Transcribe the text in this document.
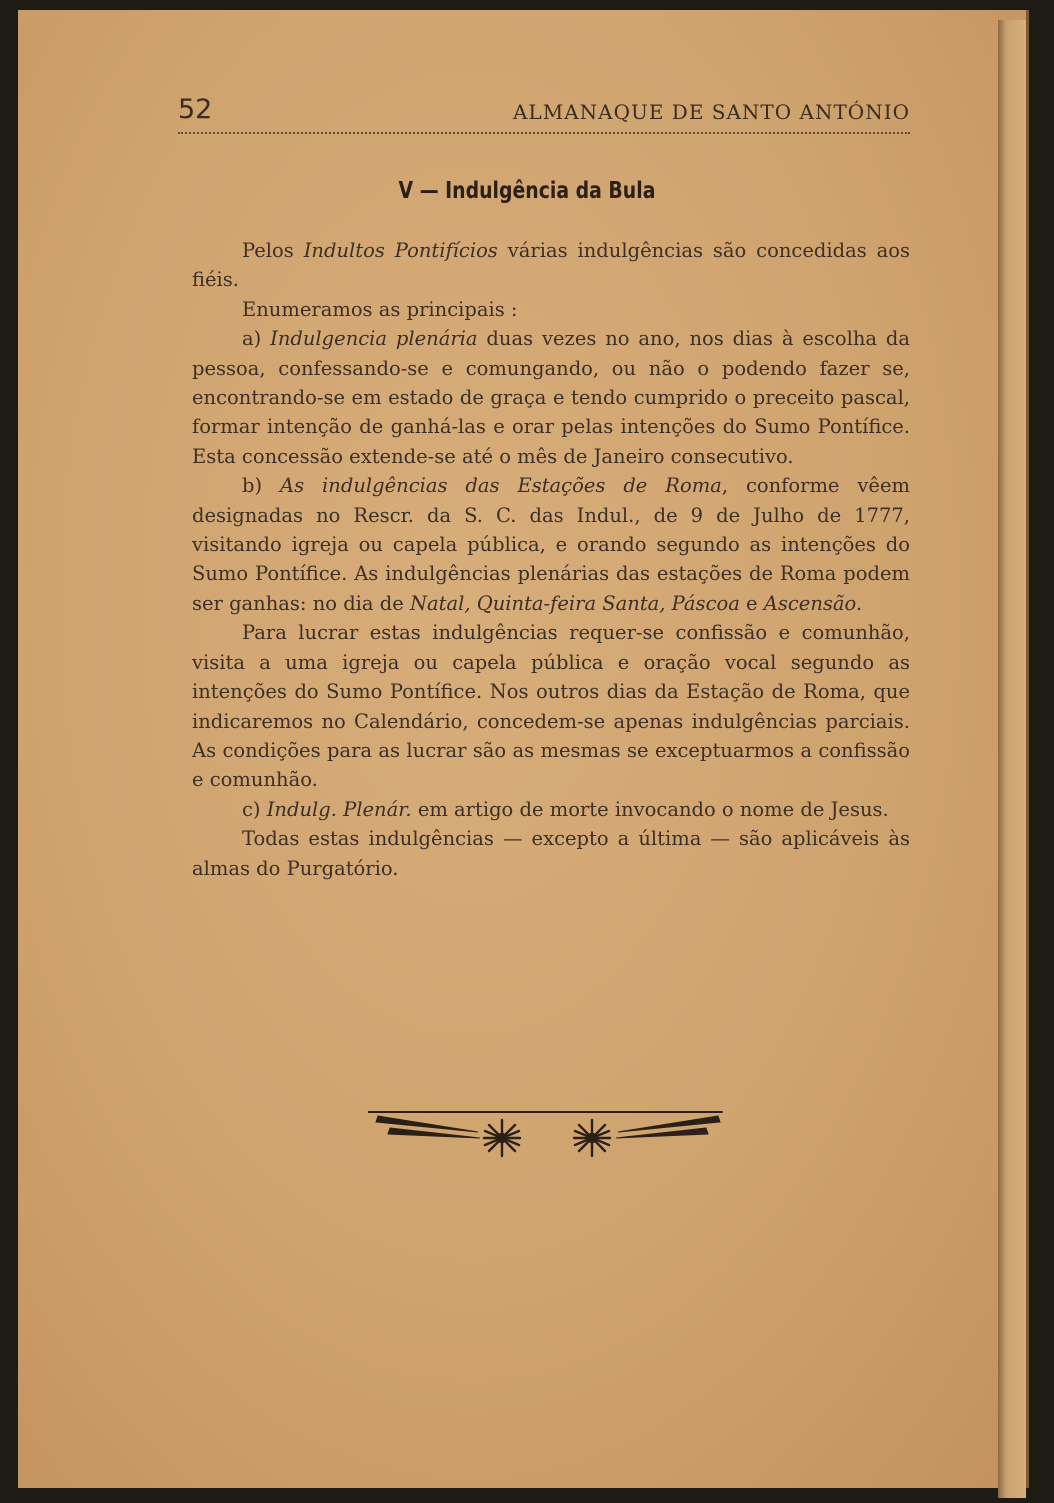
52	ALMANAQUE DE SANTO ANTÓNIO
V — Indulgência da Bula

Pelos Indultos Pontifícios várias indulgências são concedidas aos fiéis.

Enumeramos as principais :

a) Indulgencia plenária duas vezes no ano, nos dias à escolha da pessoa, confessando-se e comungando, ou não o podendo fazer se, encontrando-se em estado de graça e tendo cumprido o preceito pascal, formar intenção de ganhá-las e orar pelas intenções do Sumo Pontífice. Esta concessão extende-se até o mês de Janeiro consecutivo.

b) As indulgências das Estações de Roma, conforme vêem designadas no Rescr. da S. C. das Indul., de 9 de Julho de 1777, visitando igreja ou capela pública, e orando segundo as intenções do Sumo Pontífice. As indulgências plenárias das estações de Roma podem ser ganhas: no dia de Natal, Quinta-feira Santa, Páscoa e Ascensão.

Para lucrar estas indulgências requer-se confissão e comunhão, visita a uma igreja ou capela pública e oração vocal segundo as intenções do Sumo Pontífice. Nos outros dias da Estação de Roma, que indicaremos no Calendário, concedem-se apenas indulgências parciais. As condições para as lucrar são as mesmas se exceptuarmos a confissão e comunhão.

c) Indulg. Plenár. em artigo de morte invocando o nome de Jesus.

Todas estas indulgências — excepto a última — são aplicáveis às almas do Purgatório.
